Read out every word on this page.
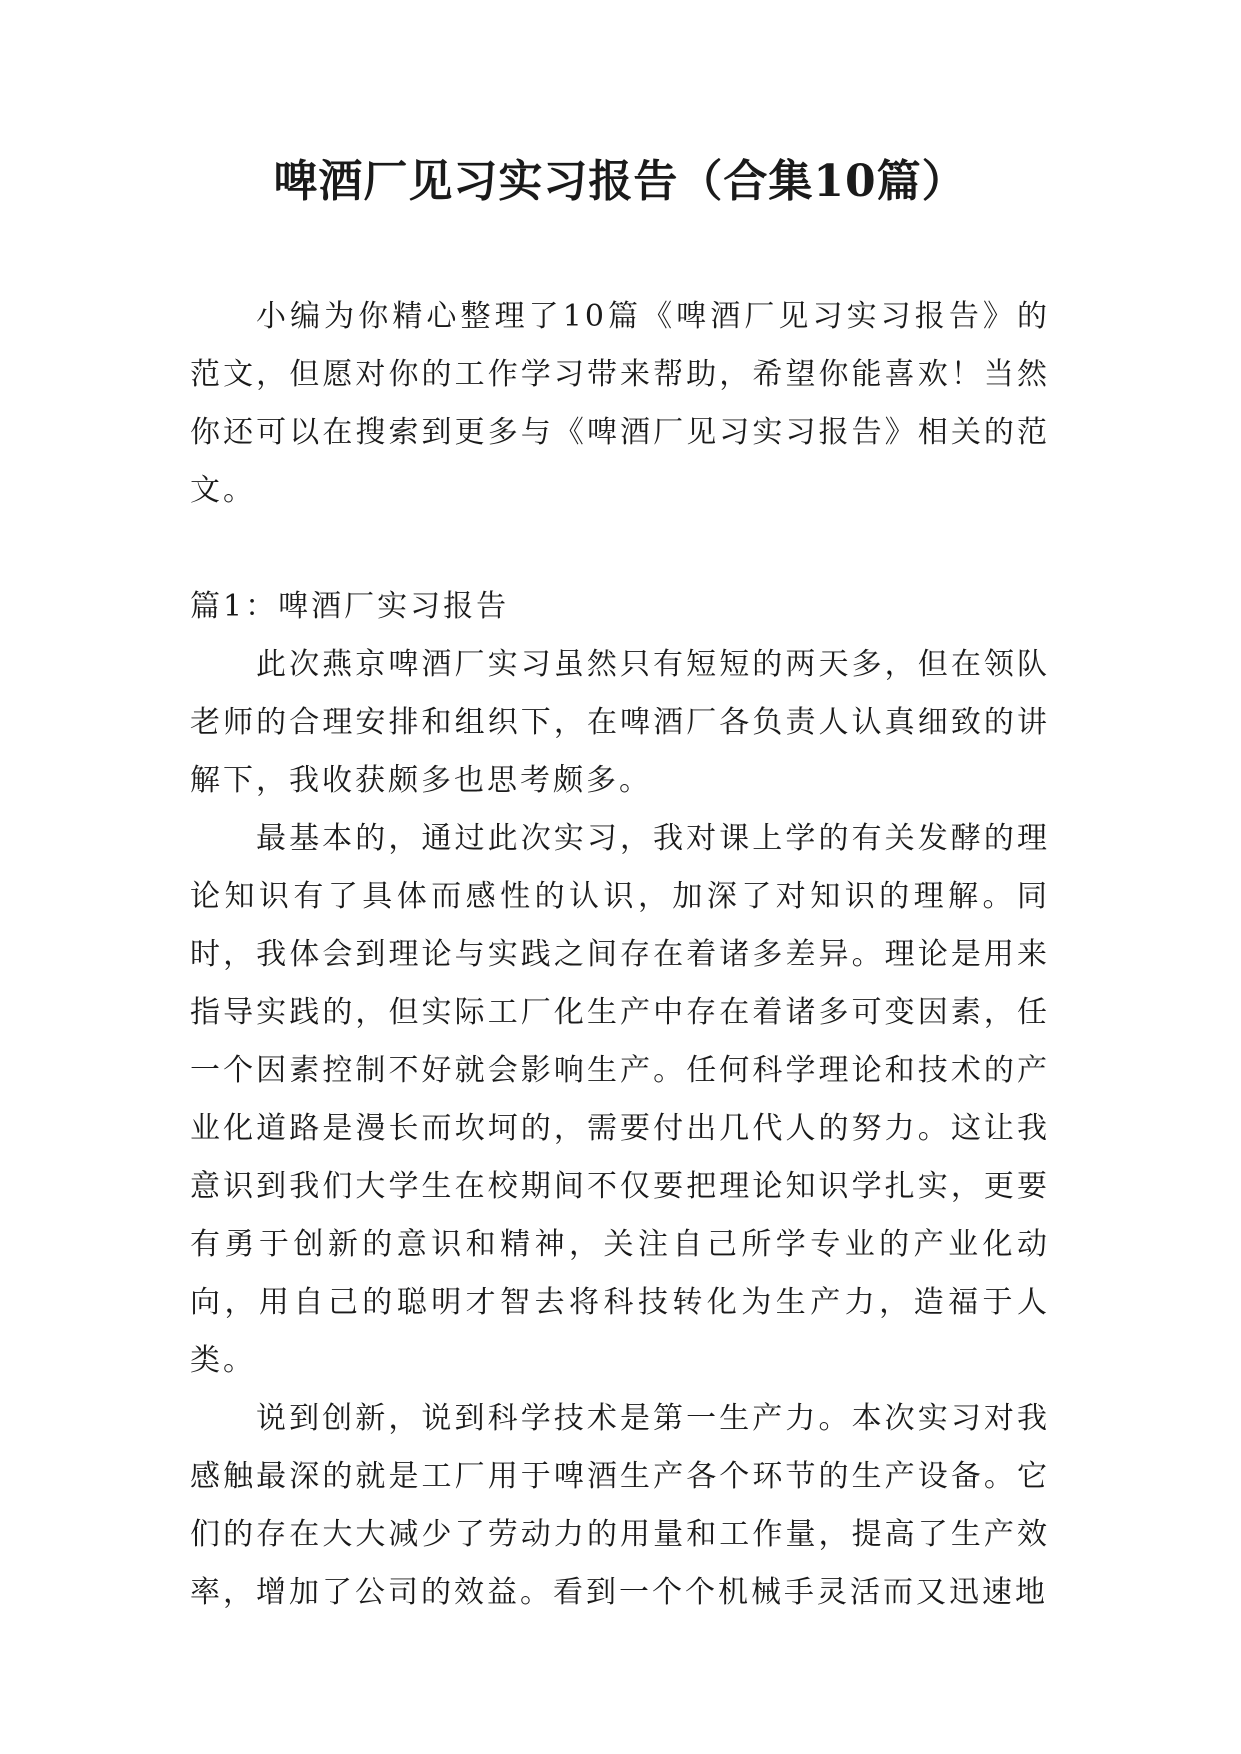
啤酒厂见习实习报告（合集10篇）

小编为你精心整理了10篇《啤酒厂见习实习报告》的范文，但愿对你的工作学习带来帮助，希望你能喜欢！当然你还可以在搜索到更多与《啤酒厂见习实习报告》相关的范文。

篇1：啤酒厂实习报告

此次燕京啤酒厂实习虽然只有短短的两天多，但在领队老师的合理安排和组织下，在啤酒厂各负责人认真细致的讲解下，我收获颇多也思考颇多。

最基本的，通过此次实习，我对课上学的有关发酵的理论知识有了具体而感性的认识，加深了对知识的理解。同时，我体会到理论与实践之间存在着诸多差异。理论是用来指导实践的，但实际工厂化生产中存在着诸多可变因素，任一个因素控制不好就会影响生产。任何科学理论和技术的产业化道路是漫长而坎坷的，需要付出几代人的努力。这让我意识到我们大学生在校期间不仅要把理论知识学扎实，更要有勇于创新的意识和精神，关注自己所学专业的产业化动向，用自己的聪明才智去将科技转化为生产力，造福于人类。

说到创新，说到科学技术是第一生产力。本次实习对我感触最深的就是工厂用于啤酒生产各个环节的生产设备。它们的存在大大减少了劳动力的用量和工作量，提高了生产效率，增加了公司的效益。看到一个个机械手灵活而又迅速地
